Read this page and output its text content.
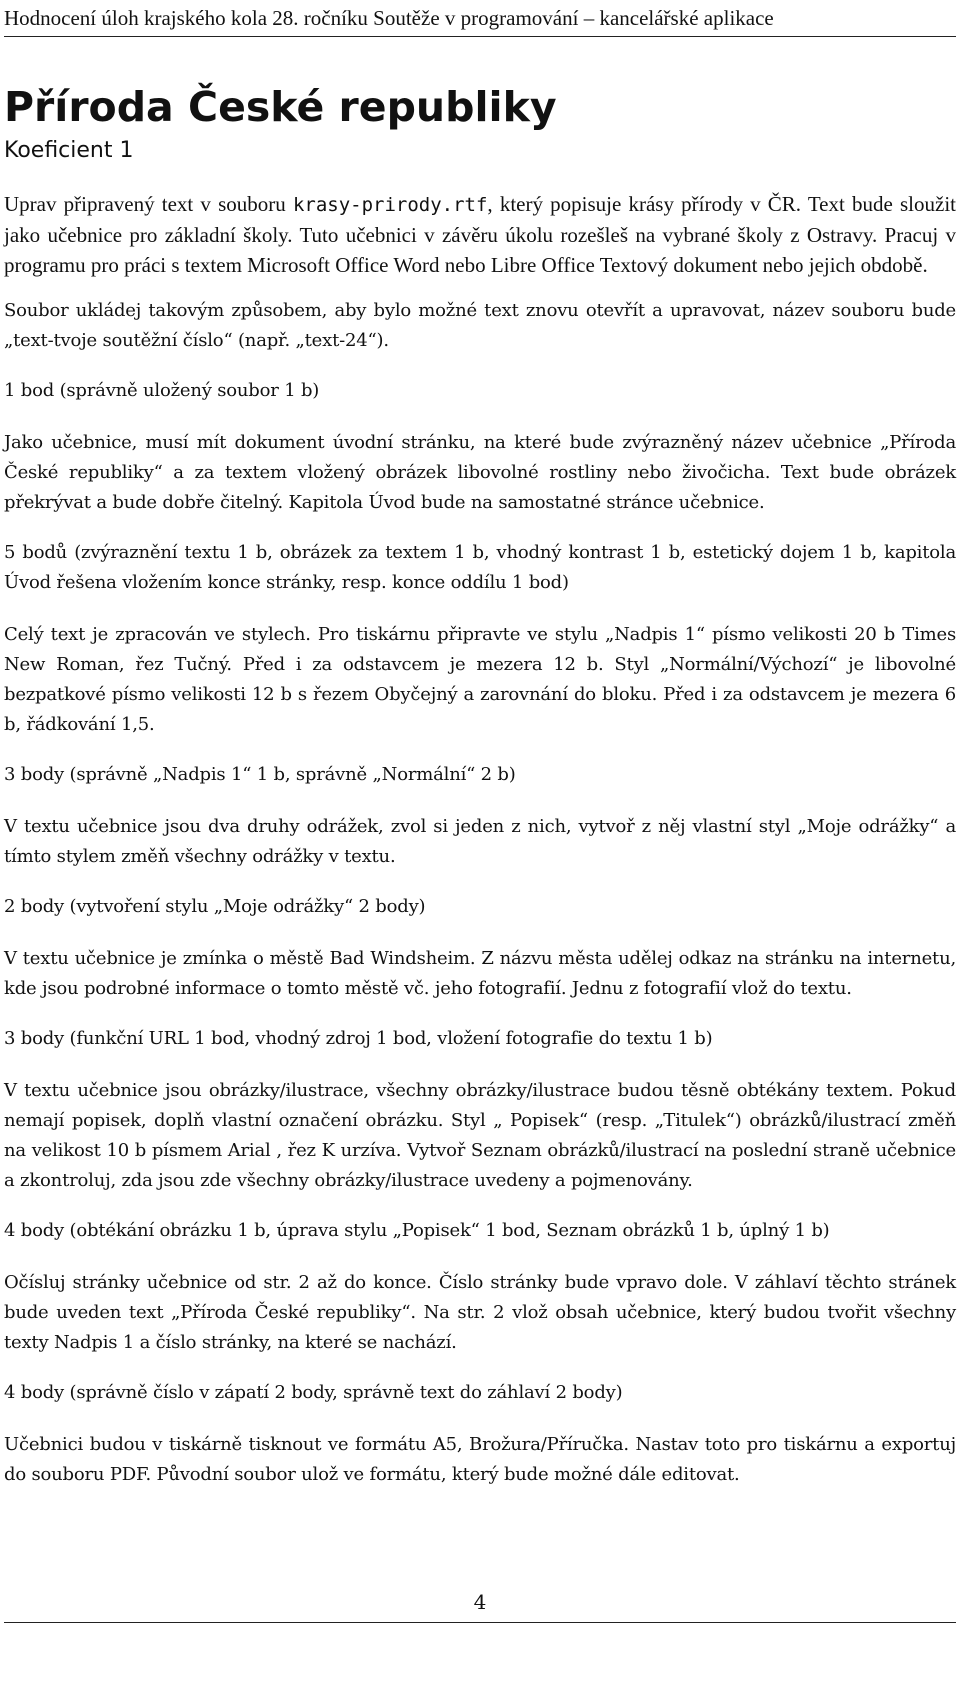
Hodnocení úloh krajského kola 28. ročníku Soutěže v programování – kancelářské aplikace
Příroda České republiky
Koeficient 1

Uprav připravený text v souboru krasy-prirody.rtf, který popisuje krásy přírody v ČR. Text bude sloužit jako učebnice pro základní školy. Tuto učebnici v závěru úkolu rozešleš na vybrané školy z Ostravy. Pracuj v programu pro práci s textem Microsoft Office Word nebo Libre Office Textový dokument nebo jejich obdobě.

Soubor ukládej takovým způsobem, aby bylo možné text znovu otevřít a upravovat, název souboru bude „text-tvoje soutěžní číslo“ (např. „text-24“).

1 bod (správně uložený soubor 1 b)

Jako učebnice, musí mít dokument úvodní stránku, na které bude zvýrazněný název učebnice „Příroda České republiky“ a za textem vložený obrázek libovolné rostliny nebo živočicha. Text bude obrázek překrývat a bude dobře čitelný. Kapitola Úvod bude na samostatné stránce učebnice.

5 bodů (zvýraznění textu 1 b, obrázek za textem 1 b, vhodný kontrast 1 b, estetický dojem 1 b, kapitola Úvod řešena vložením konce stránky, resp. konce oddílu 1 bod)

Celý text je zpracován ve stylech. Pro tiskárnu připravte ve stylu „Nadpis 1“ písmo velikosti 20 b Times New Roman, řez Tučný. Před i za odstavcem je mezera 12 b. Styl „Normální/Výchozí“ je libovolné bezpatkové písmo velikosti 12 b s řezem Obyčejný a zarovnání do bloku. Před i za odstavcem je mezera 6 b, řádkování 1,5.

3 body (správně „Nadpis 1“ 1 b, správně „Normální“ 2 b)

V textu učebnice jsou dva druhy odrážek, zvol si jeden z nich, vytvoř z něj vlastní styl „Moje odrážky“ a tímto stylem změň všechny odrážky v textu.

2 body (vytvoření stylu „Moje odrážky“ 2 body)

V textu učebnice je zmínka o městě Bad Windsheim. Z názvu města udělej odkaz na stránku na internetu, kde jsou podrobné informace o tomto městě vč. jeho fotografií. Jednu z fotografií vlož do textu.

3 body (funkční URL 1 bod, vhodný zdroj 1 bod, vložení fotografie do textu 1 b)

V textu učebnice jsou obrázky/ilustrace, všechny obrázky/ilustrace budou těsně obtékány textem. Pokud nemají popisek, doplň vlastní označení obrázku. Styl „ Popisek“ (resp. „Titulek“) obrázků/ilustrací změň na velikost 10 b písmem Arial , řez K urzíva. Vytvoř Seznam obrázků/ilustrací na poslední straně učebnice a zkontroluj, zda jsou zde všechny obrázky/ilustrace uvedeny a pojmenovány.

4 body (obtékání obrázku 1 b, úprava stylu „Popisek“ 1 bod, Seznam obrázků 1 b, úplný 1 b)

Očísluj stránky učebnice od str. 2 až do konce. Číslo stránky bude vpravo dole. V záhlaví těchto stránek bude uveden text „Příroda České republiky“. Na str. 2 vlož obsah učebnice, který budou tvořit všechny texty Nadpis 1 a číslo stránky, na které se nachází.

4 body (správně číslo v zápatí 2 body, správně text do záhlaví 2 body)

Učebnici budou v tiskárně tisknout ve formátu A5, Brožura/Příručka. Nastav toto pro tiskárnu a exportuj do souboru PDF. Původní soubor ulož ve formátu, který bude možné dále editovat.

4
